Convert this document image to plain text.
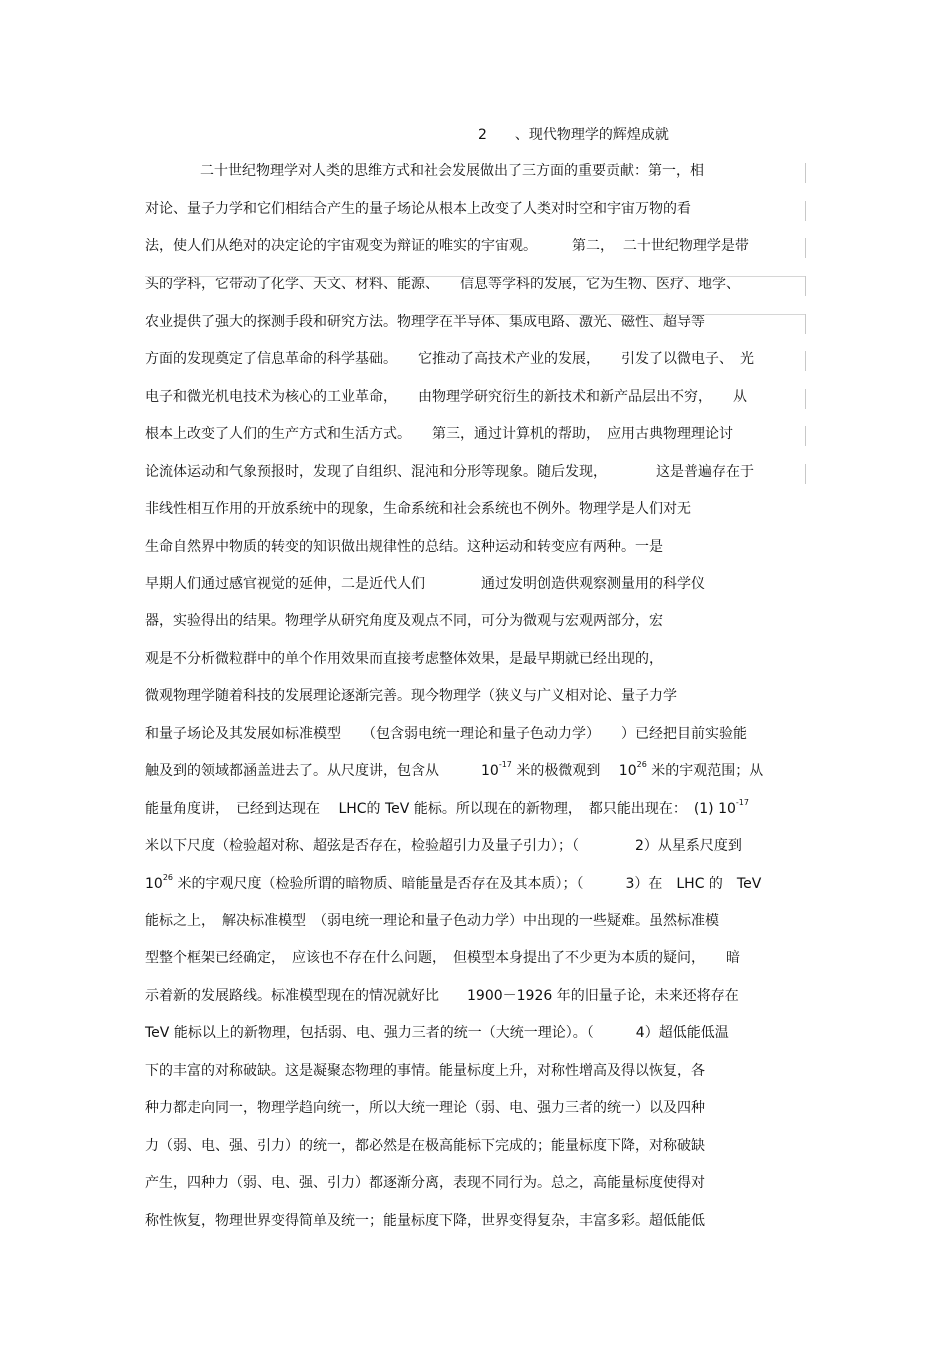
2　　 、现代物理学的辉煌成就
二十世纪物理学对人类的思维方式和社会发展做出了三方面的重要贡献：第一，相
对论、量子力学和它们相结合产生的量子场论从根本上改变了人类对时空和宇宙万物的看
法，使人们从绝对的决定论的宇宙观变为辩证的唯实的宇宙观。　　　第二，  二十世纪物理学是带
头的学科，它带动了化学、天文、材料、能源、　　信息等学科的发展，它为生物、医疗、地学、
农业提供了强大的探测手段和研究方法。物理学在半导体、集成电路、激光、磁性、超导等
方面的发现奠定了信息革命的科学基础。　　它推动了高技术产业的发展，　　引发了以微电子、　光
电子和微光机电技术为核心的工业革命，　　由物理学研究衍生的新技术和新产品层出不穷，　　从
根本上改变了人们的生产方式和生活方式。　　第三，通过计算机的帮助，　应用古典物理理论讨
论流体运动和气象预报时，发现了自组织、混沌和分形等现象。随后发现，　　　　这是普遍存在于
非线性相互作用的开放系统中的现象，生命系统和社会系统也不例外。物理学是人们对无
生命自然界中物质的转变的知识做出规律性的总结。这种运动和转变应有两种。一是
早期人们通过感官视觉的延伸，二是近代人们　　　　通过发明创造供观察测量用的科学仪
器，实验得出的结果。物理学从研究角度及观点不同，可分为微观与宏观两部分，宏
观是不分析微粒群中的单个作用效果而直接考虑整体效果，是最早期就已经出现的，
微观物理学随着科技的发展理论逐渐完善。现今物理学（狭义与广义相对论、量子力学
和量子场论及其发展如标准模型　　（包含弱电统一理论和量子色动力学）　　）已经把目前实验能
触及到的领域都涵盖进去了。从尺度讲，包含从　　　$10^{-17}$ 米的极微观到　 $10^{26}$ 米的宇观范围；从
能量角度讲，　已经到达现在　 LHC的 TeV 能标。所以现在的新物理，　都只能出现在：　(1) $10^{-17}$
米以下尺度（检验超对称、超弦是否存在，检验超引力及量子引力）；（　　　　2）从星系尺度到
$10^{26}$ 米的宇观尺度（检验所谓的暗物质、暗能量是否存在及其本质）；（　　　3）在　LHC 的　TeV
能标之上，　解决标准模型　（弱电统一理论和量子色动力学）中出现的一些疑难。虽然标准模
型整个框架已经确定，　应该也不存在什么问题，　但模型本身提出了不少更为本质的疑问，　　暗
示着新的发展路线。标准模型现在的情况就好比　　1900－1926 年的旧量子论，未来还将存在
TeV 能标以上的新物理，包括弱、电、强力三者的统一（大统一理论）。（　　　4）超低能低温
下的丰富的对称破缺。这是凝聚态物理的事情。能量标度上升，对称性增高及得以恢复，各
种力都走向同一，物理学趋向统一，所以大统一理论（弱、电、强力三者的统一）以及四种
力（弱、电、强、引力）的统一，都必然是在极高能标下完成的；能量标度下降，对称破缺
产生，四种力（弱、电、强、引力）都逐渐分离，表现不同行为。总之，高能量标度使得对
称性恢复，物理世界变得简单及统一；能量标度下降，世界变得复杂，丰富多彩。超低能低
